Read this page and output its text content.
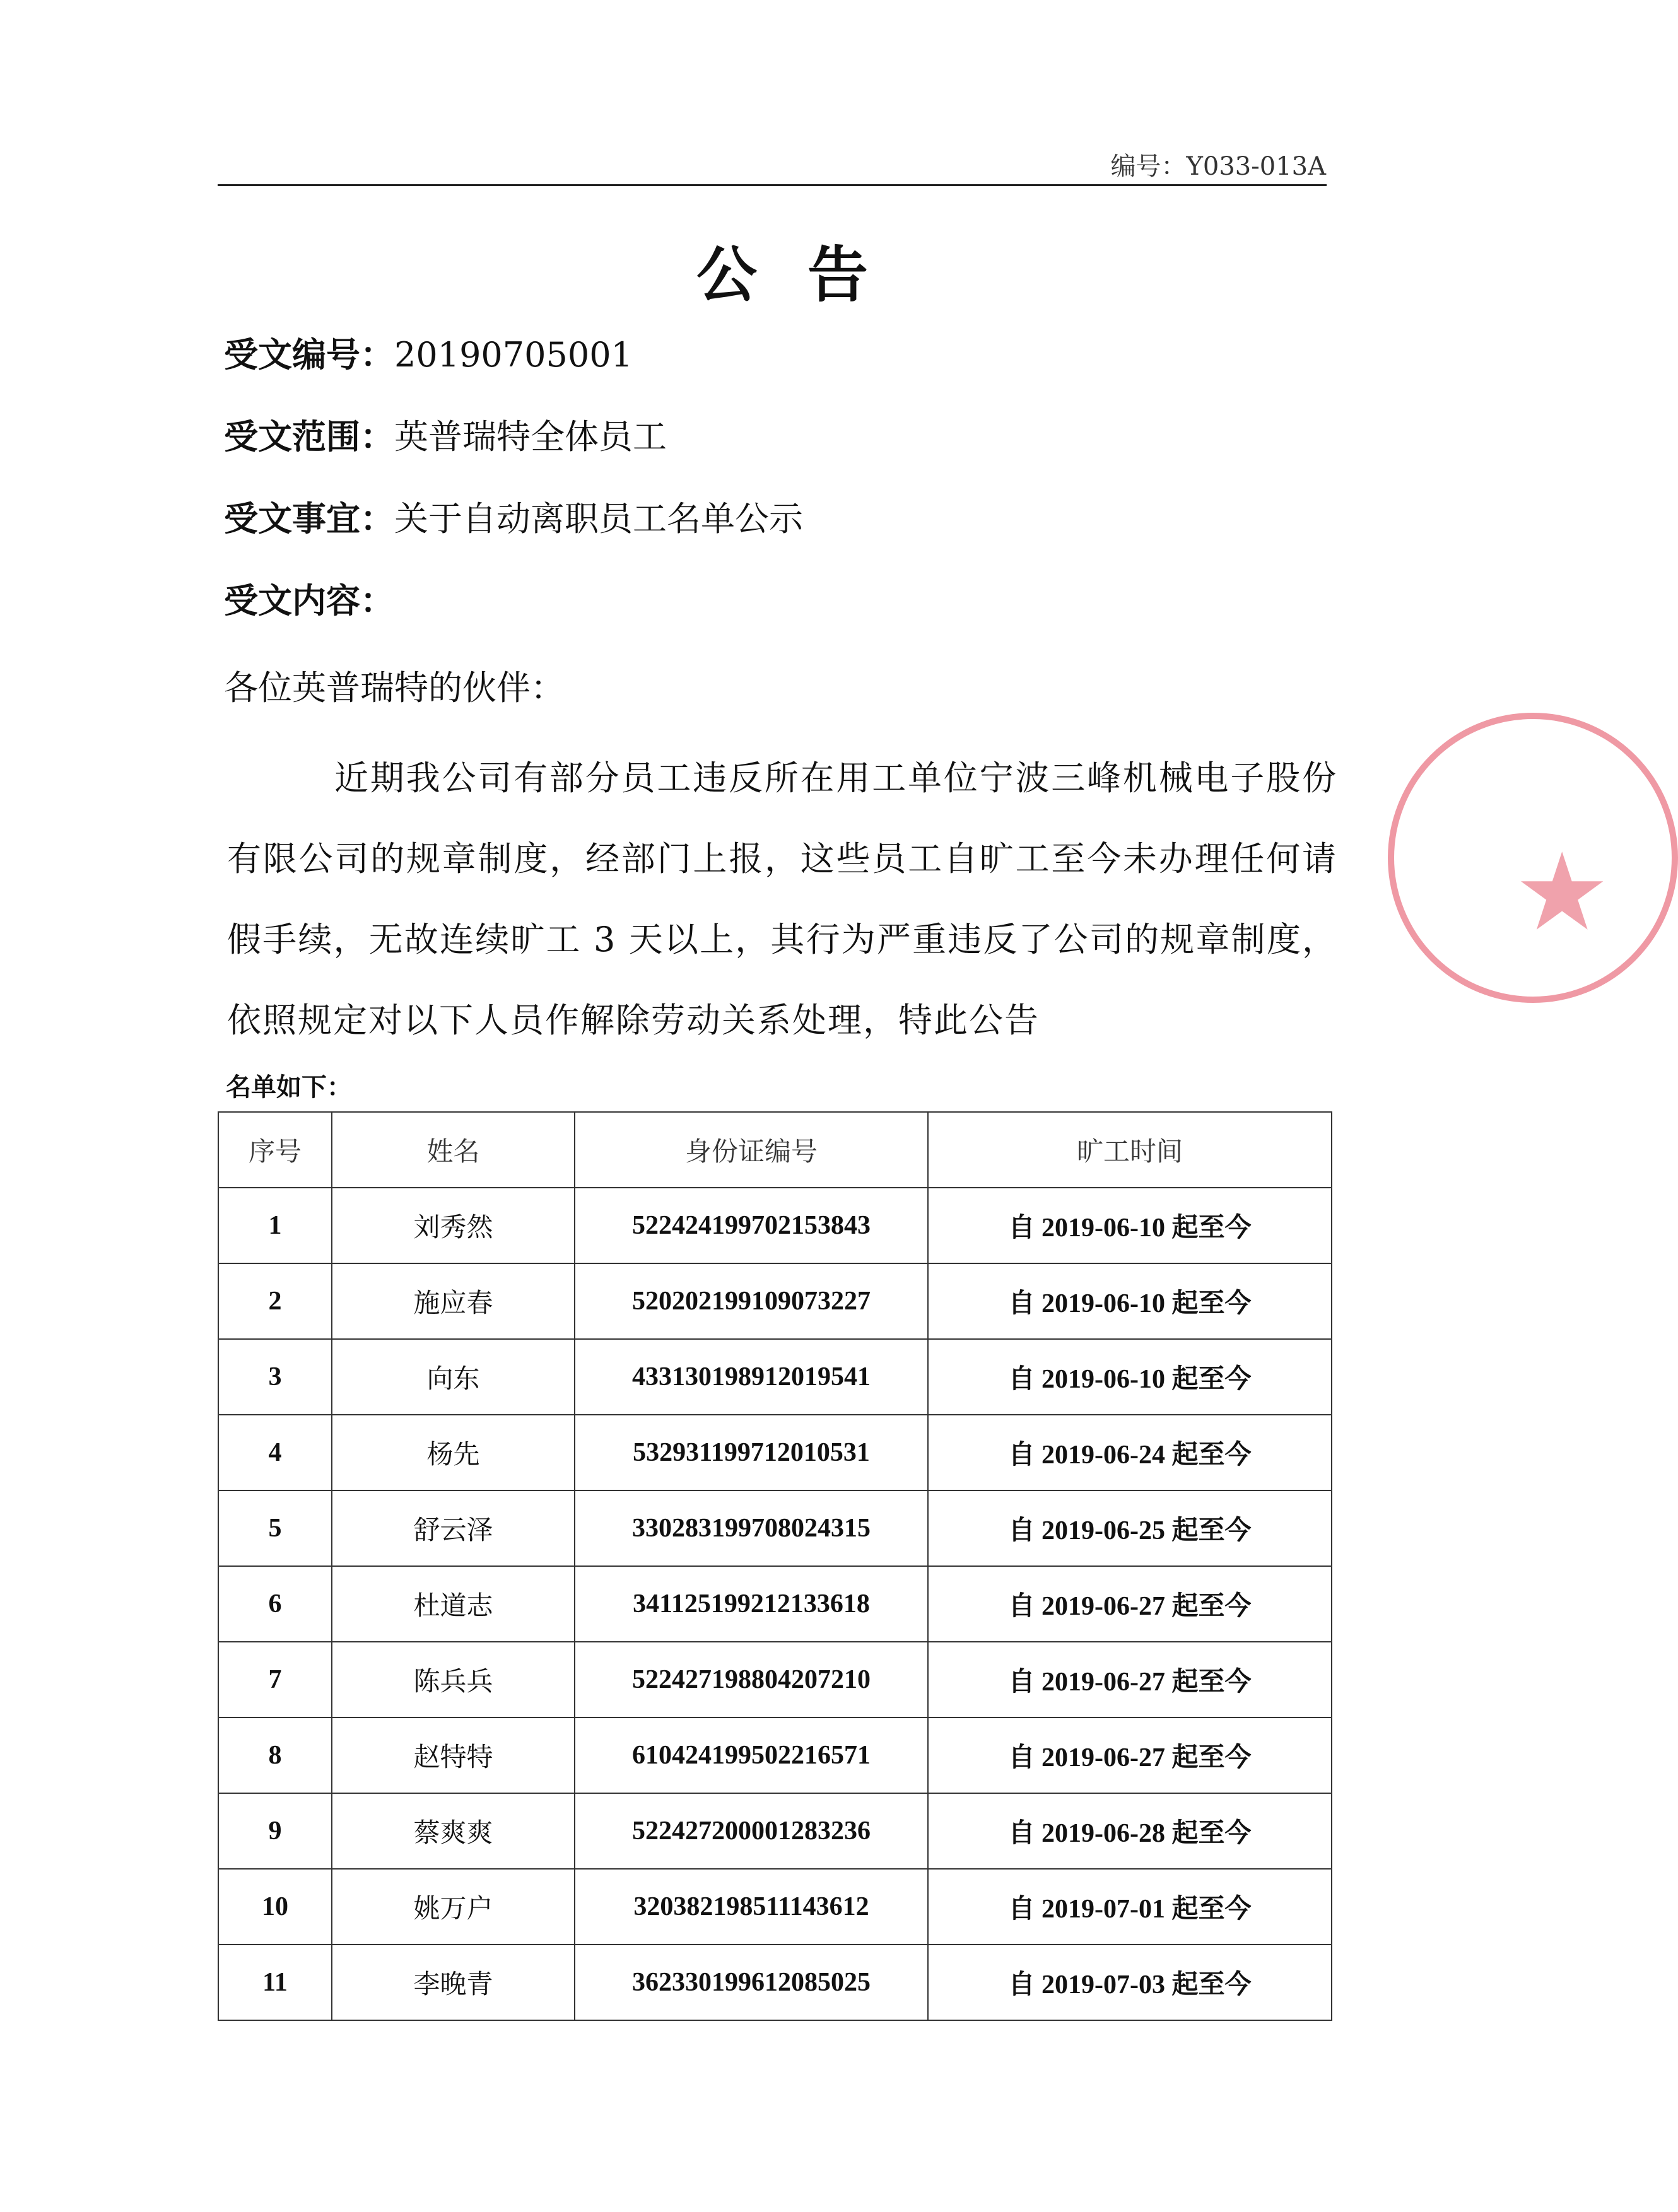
编号：Y033-013A
公告
受文编号：20190705001
受文范围：英普瑞特全体员工
受文事宜：关于自动离职员工名单公示
受文内容：
各位英普瑞特的伙伴：
近期我公司有部分员工违反所在用工单位宁波三峰机械电子股份有限公司的规章制度，经部门上报，这些员工自旷工至今未办理任何请假手续，无故连续旷工 3 天以上，其行为严重违反了公司的规章制度，依照规定对以下人员作解除劳动关系处理，特此公告
名单如下：
序号	姓名	身份证编号	旷工时间
1	刘秀然	522424199702153843	自 2019-06-10 起至今
2	施应春	520202199109073227	自 2019-06-10 起至今
3	向东	433130198912019541	自 2019-06-10 起至今
4	杨先	532931199712010531	自 2019-06-24 起至今
5	舒云泽	330283199708024315	自 2019-06-25 起至今
6	杜道志	341125199212133618	自 2019-06-27 起至今
7	陈兵兵	522427198804207210	自 2019-06-27 起至今
8	赵特特	610424199502216571	自 2019-06-27 起至今
9	蔡爽爽	522427200001283236	自 2019-06-28 起至今
10	姚万户	320382198511143612	自 2019-07-01 起至今
11	李晚青	362330199612085025	自 2019-07-03 起至今
★
